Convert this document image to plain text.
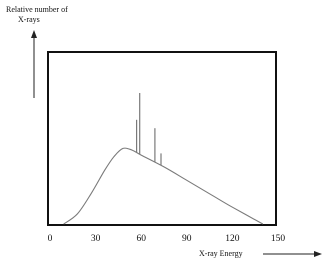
Relative number of
X-rays
0	30	60	90	120	150
X-ray Energy
